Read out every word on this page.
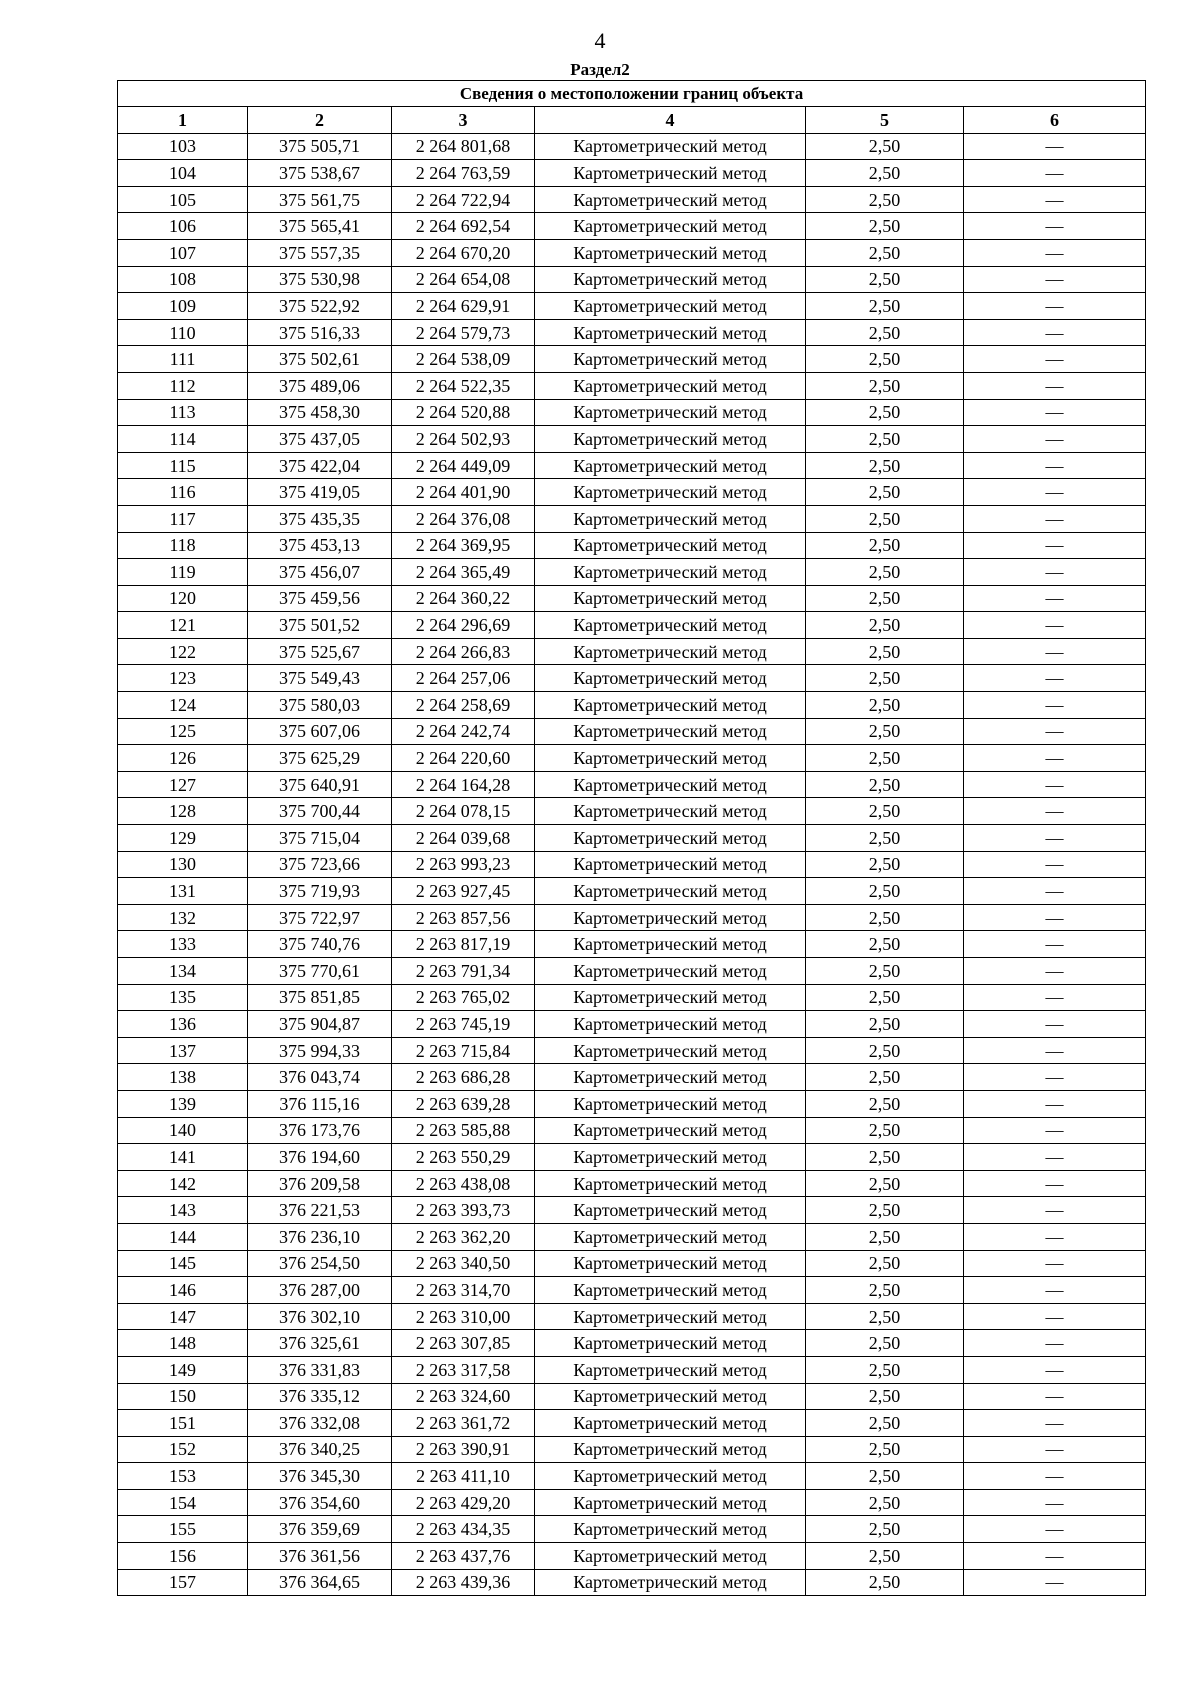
4
Раздел2
Сведения о местоположении границ объекта					
1	2	3	4	5	6
103	375 505,71	2 264 801,68	Картометрический метод	2,50	—
104	375 538,67	2 264 763,59	Картометрический метод	2,50	—
105	375 561,75	2 264 722,94	Картометрический метод	2,50	—
106	375 565,41	2 264 692,54	Картометрический метод	2,50	—
107	375 557,35	2 264 670,20	Картометрический метод	2,50	—
108	375 530,98	2 264 654,08	Картометрический метод	2,50	—
109	375 522,92	2 264 629,91	Картометрический метод	2,50	—
110	375 516,33	2 264 579,73	Картометрический метод	2,50	—
111	375 502,61	2 264 538,09	Картометрический метод	2,50	—
112	375 489,06	2 264 522,35	Картометрический метод	2,50	—
113	375 458,30	2 264 520,88	Картометрический метод	2,50	—
114	375 437,05	2 264 502,93	Картометрический метод	2,50	—
115	375 422,04	2 264 449,09	Картометрический метод	2,50	—
116	375 419,05	2 264 401,90	Картометрический метод	2,50	—
117	375 435,35	2 264 376,08	Картометрический метод	2,50	—
118	375 453,13	2 264 369,95	Картометрический метод	2,50	—
119	375 456,07	2 264 365,49	Картометрический метод	2,50	—
120	375 459,56	2 264 360,22	Картометрический метод	2,50	—
121	375 501,52	2 264 296,69	Картометрический метод	2,50	—
122	375 525,67	2 264 266,83	Картометрический метод	2,50	—
123	375 549,43	2 264 257,06	Картометрический метод	2,50	—
124	375 580,03	2 264 258,69	Картометрический метод	2,50	—
125	375 607,06	2 264 242,74	Картометрический метод	2,50	—
126	375 625,29	2 264 220,60	Картометрический метод	2,50	—
127	375 640,91	2 264 164,28	Картометрический метод	2,50	—
128	375 700,44	2 264 078,15	Картометрический метод	2,50	—
129	375 715,04	2 264 039,68	Картометрический метод	2,50	—
130	375 723,66	2 263 993,23	Картометрический метод	2,50	—
131	375 719,93	2 263 927,45	Картометрический метод	2,50	—
132	375 722,97	2 263 857,56	Картометрический метод	2,50	—
133	375 740,76	2 263 817,19	Картометрический метод	2,50	—
134	375 770,61	2 263 791,34	Картометрический метод	2,50	—
135	375 851,85	2 263 765,02	Картометрический метод	2,50	—
136	375 904,87	2 263 745,19	Картометрический метод	2,50	—
137	375 994,33	2 263 715,84	Картометрический метод	2,50	—
138	376 043,74	2 263 686,28	Картометрический метод	2,50	—
139	376 115,16	2 263 639,28	Картометрический метод	2,50	—
140	376 173,76	2 263 585,88	Картометрический метод	2,50	—
141	376 194,60	2 263 550,29	Картометрический метод	2,50	—
142	376 209,58	2 263 438,08	Картометрический метод	2,50	—
143	376 221,53	2 263 393,73	Картометрический метод	2,50	—
144	376 236,10	2 263 362,20	Картометрический метод	2,50	—
145	376 254,50	2 263 340,50	Картометрический метод	2,50	—
146	376 287,00	2 263 314,70	Картометрический метод	2,50	—
147	376 302,10	2 263 310,00	Картометрический метод	2,50	—
148	376 325,61	2 263 307,85	Картометрический метод	2,50	—
149	376 331,83	2 263 317,58	Картометрический метод	2,50	—
150	376 335,12	2 263 324,60	Картометрический метод	2,50	—
151	376 332,08	2 263 361,72	Картометрический метод	2,50	—
152	376 340,25	2 263 390,91	Картометрический метод	2,50	—
153	376 345,30	2 263 411,10	Картометрический метод	2,50	—
154	376 354,60	2 263 429,20	Картометрический метод	2,50	—
155	376 359,69	2 263 434,35	Картометрический метод	2,50	—
156	376 361,56	2 263 437,76	Картометрический метод	2,50	—
157	376 364,65	2 263 439,36	Картометрический метод	2,50	—
